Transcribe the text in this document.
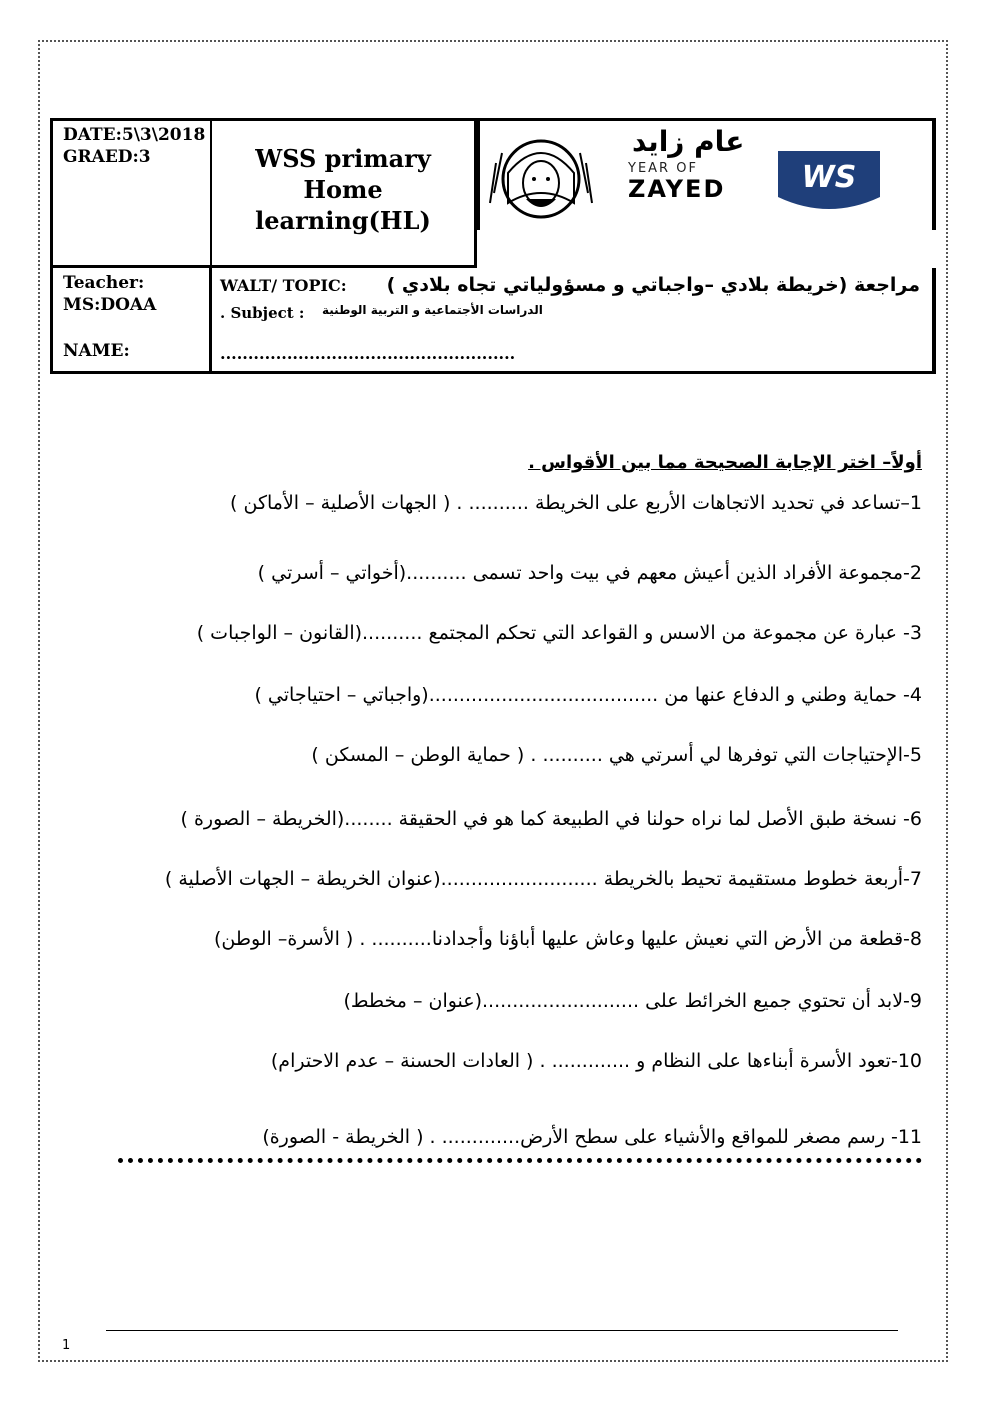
DATE:5\3\2018
GRAED:3	WSS primary Home
learning(HL)
عام زايد
YEAR OF
ZAYED	WS
Teacher:
MS:DOAA
NAME:
WALT/ TOPIC: مراجعة (خريطة بلادي –واجباتي و مسؤولياتي تجاه بلادي )
. Subject : الدراسات الأجتماعية و التربية الوطنية
.....................................................
أولاً– اختر الإجابة الصحيحة مما بين الأقواس .
1–تساعد في تحديد الاتجاهات الأربع على الخريطة .......... . ( الجهات الأصلية – الأماكن )
2-مجموعة الأفراد الذين أعيش معهم في بيت واحد تسمى ..........(أخواتي – أسرتي )
3- عبارة عن مجموعة من الاسس و القواعد التي تحكم المجتمع ..........(القانون – الواجبات )
4- حماية وطني و الدفاع عنها من ......................................(واجباتي – احتياجاتي )
5-الإحتياجات التي توفرها لي أسرتي هي .......... . ( حماية الوطن – المسكن )
6- نسخة طبق الأصل لما نراه حولنا في الطبيعة كما هو في الحقيقة ........(الخريطة – الصورة )
7-أربعة خطوط مستقيمة تحيط بالخريطة ..........................(عنوان الخريطة – الجهات الأصلية )
8-قطعة من الأرض التي نعيش عليها وعاش عليها أباؤنا وأجدادنا.......... . ( الأسرة– الوطن)
9-لابد أن تحتوي جميع الخرائط على ..........................(عنوان – مخطط)
10-تعود الأسرة أبناءها على النظام و ............. . ( العادات الحسنة – عدم الاحترام)
11- رسم مصغر للمواقع والأشياء على سطح الأرض............. . ( الخريطة - الصورة)
1
